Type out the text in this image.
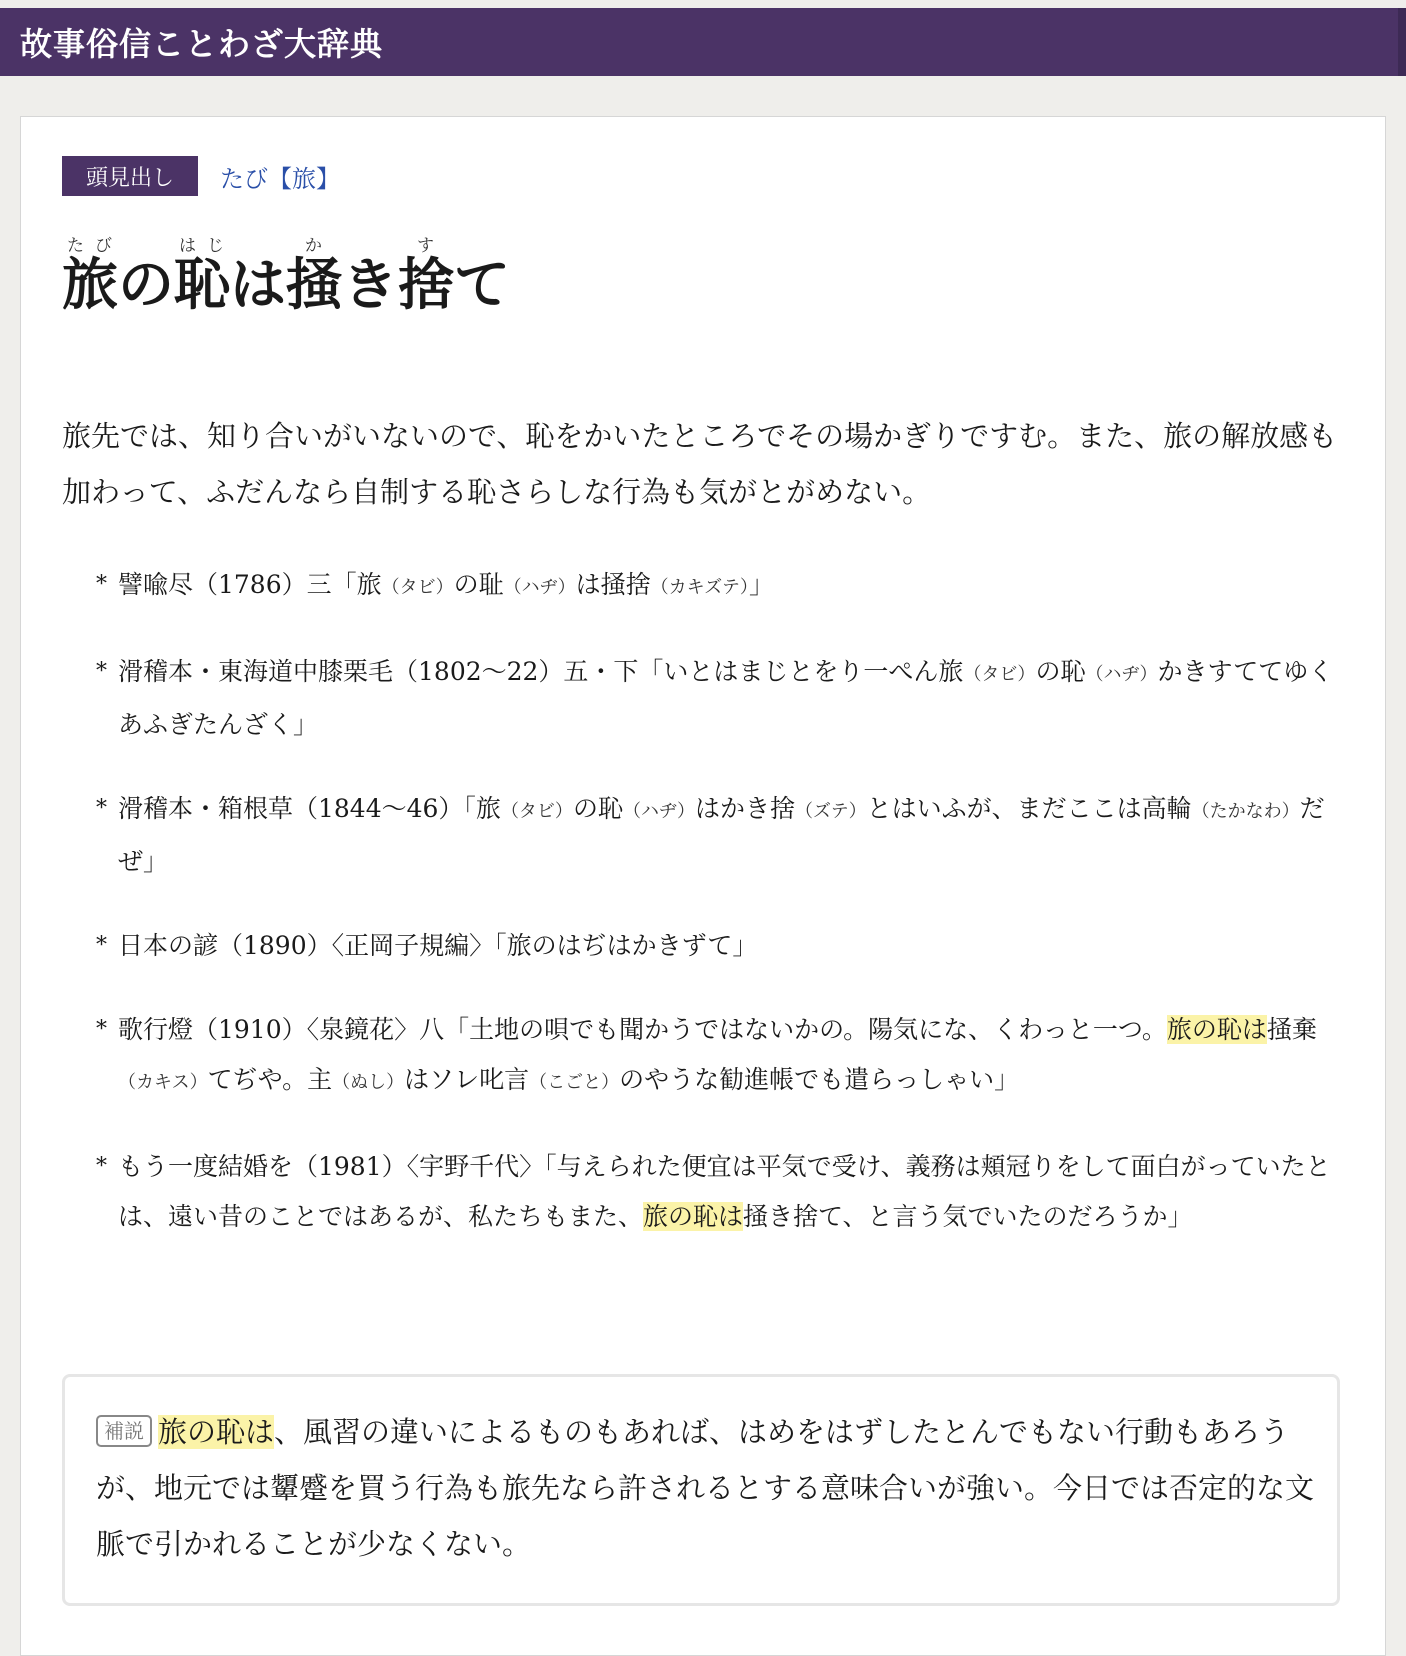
故事俗信ことわざ大辞典
頭見出し	たび【旅】
旅たびの恥はじは掻かき捨すて

旅先では、知り合いがいないので、恥をかいたところでその場かぎりですむ。また、旅の解放感も加わって、ふだんなら自制する恥さらしな行為も気がとがめない。

* 譬喩尽（1786）三「旅（タビ）の耻（ハヂ）は掻捨（カキズテ）」
* 滑稽本・東海道中膝栗毛（1802～22）五・下「いとはまじとをり一ぺん旅（タビ）の恥（ハヂ）かきすててゆくあふぎたんざく」
* 滑稽本・箱根草（1844～46）「旅（タビ）の恥（ハヂ）はかき捨（ズテ）とはいふが、まだここは高輪（たかなわ）だぜ」
* 日本の諺（1890）〈正岡子規編〉「旅のはぢはかきずて」
* 歌行燈（1910）〈泉鏡花〉八「土地の唄でも聞かうではないかの。陽気にな、くわっと一つ。旅の恥は掻棄（カキス）てぢや。主（ぬし）はソレ叱言（こごと）のやうな勧進帳でも遣らっしゃい」
* もう一度結婚を（1981）〈宇野千代〉「与えられた便宜は平気で受け、義務は頬冠りをして面白がっていたとは、遠い昔のことではあるが、私たちもまた、旅の恥は掻き捨て、と言う気でいたのだろうか」

補説 旅の恥は、風習の違いによるものもあれば、はめをはずしたとんでもない行動もあろうが、地元では顰蹙を買う行為も旅先なら許されるとする意味合いが強い。今日では否定的な文脈で引かれることが少なくない。
